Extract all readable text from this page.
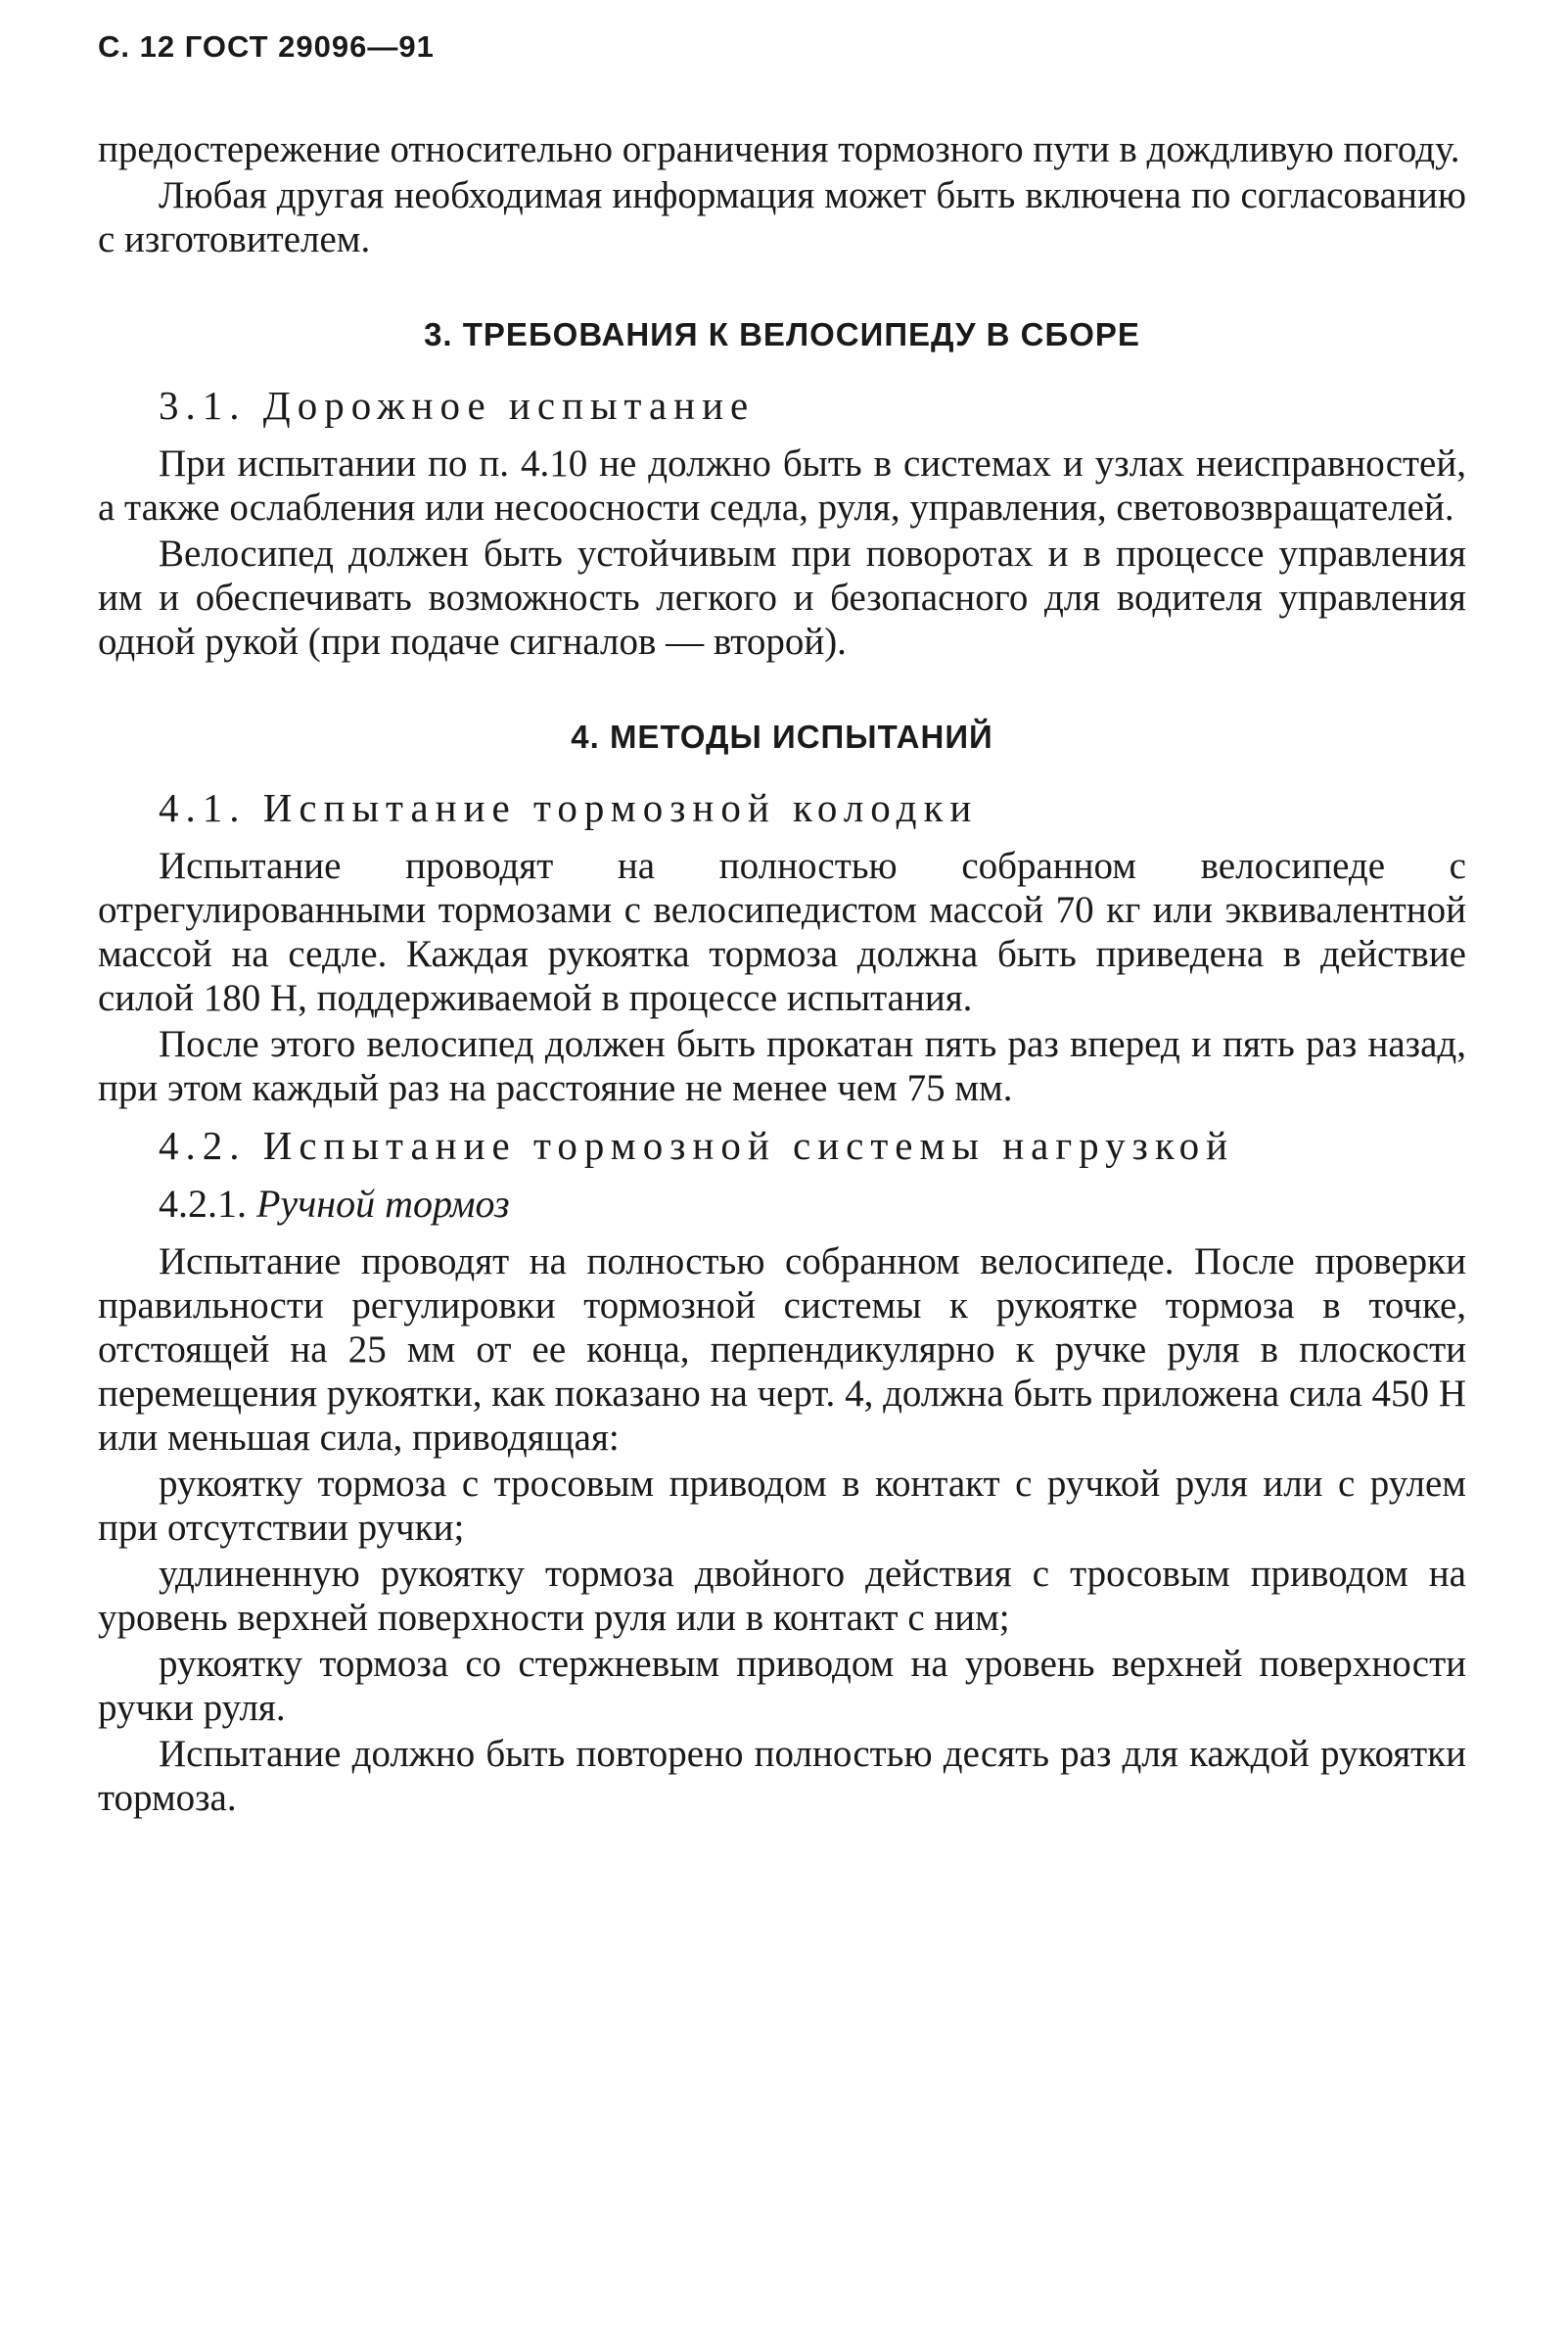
С. 12 ГОСТ 29096—91

предостережение относительно ограничения тормозного пути в дождливую погоду.

Любая другая необходимая информация может быть включена по согласованию с изготовителем.

3. ТРЕБОВАНИЯ К ВЕЛОСИПЕДУ В СБОРЕ
3.1. Дорожное испытание

При испытании по п. 4.10 не должно быть в системах и узлах неисправностей, а также ослабления или несоосности седла, руля, управления, световозвращателей.

Велосипед должен быть устойчивым при поворотах и в процессе управления им и обеспечивать возможность легкого и безопасного для водителя управления одной рукой (при подаче сигналов — второй).

4. МЕТОДЫ ИСПЫТАНИЙ
4.1. Испытание тормозной колодки

Испытание проводят на полностью собранном велосипеде с отрегулированными тормозами с велосипедистом массой 70 кг или эквивалентной массой на седле. Каждая рукоятка тормоза должна быть приведена в действие силой 180 Н, поддерживаемой в процессе испытания.

После этого велосипед должен быть прокатан пять раз вперед и пять раз назад, при этом каждый раз на расстояние не менее чем 75 мм.

4.2. Испытание тормозной системы нагрузкой
4.2.1. Ручной тормоз

Испытание проводят на полностью собранном велосипеде. После проверки правильности регулировки тормозной системы к рукоятке тормоза в точке, отстоящей на 25 мм от ее конца, перпендикулярно к ручке руля в плоскости перемещения рукоятки, как показано на черт. 4, должна быть приложена сила 450 Н или меньшая сила, приводящая:

рукоятку тормоза с тросовым приводом в контакт с ручкой руля или с рулем при отсутствии ручки;

удлиненную рукоятку тормоза двойного действия с тросовым приводом на уровень верхней поверхности руля или в контакт с ним;

рукоятку тормоза со стержневым приводом на уровень верхней поверхности ручки руля.

Испытание должно быть повторено полностью десять раз для каждой рукоятки тормоза.
